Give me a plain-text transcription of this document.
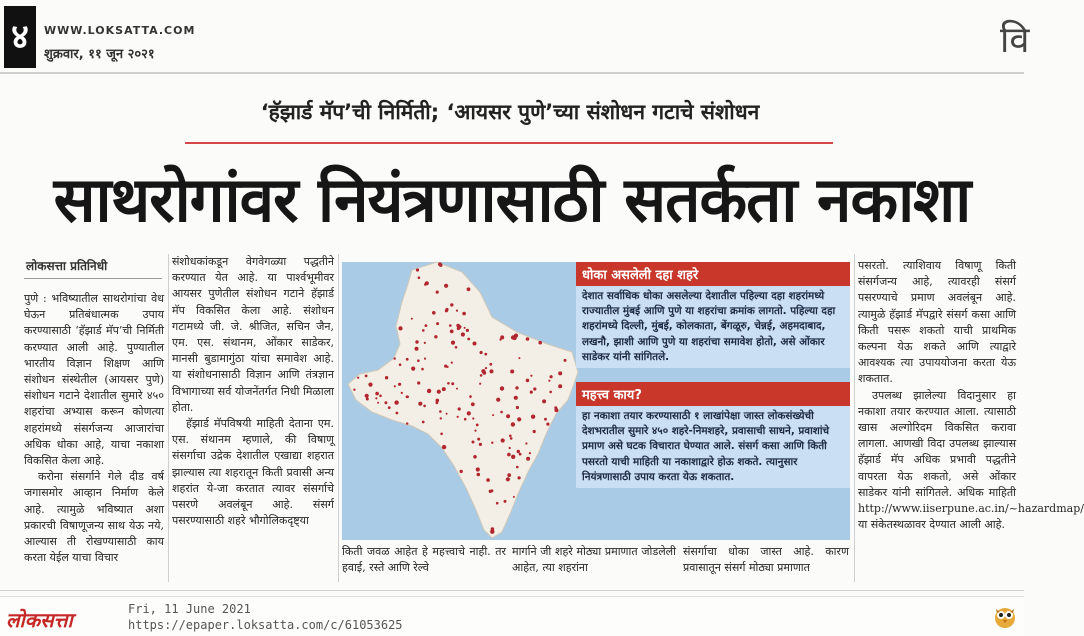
४	WWW.LOKSATTA.COM
शुक्रवार, ११ जून २०२१	वि
‘हॅझार्ड मॅप’ची निर्मिती; ‘आयसर पुणे’च्या संशोधन गटाचे संशोधन
साथरोगांवर नियंत्रणासाठी सतर्कता नकाशा
लोकसत्ता प्रतिनिधी

पुणे : भविष्यातील साथरोगांचा वेध घेऊन प्रतिबंधात्मक उपाय करण्यासाठी ‘हॅझार्ड मॅप’ची निर्मिती करण्यात आली आहे. पुण्यातील भारतीय विज्ञान शिक्षण आणि संशोधन संस्थेतील (आयसर पुणे) संशोधन गटाने देशातील सुमारे ४५० शहरांचा अभ्यास करून कोणत्या शहरांमध्ये संसर्गजन्य आजारांचा अधिक धोका आहे, याचा नकाशा विकसित केला आहे.

करोना संसर्गाने गेले दीड वर्ष जगासमोर आव्हान निर्माण केले आहे. त्यामुळे भविष्यात अशा प्रकारची विषाणूजन्य साथ येऊ नये, आल्यास ती रोखण्यासाठी काय करता येईल याचा विचार

संशोधकांकडून वेगवेगळ्या पद्धतीने करण्यात येत आहे. या पार्श्वभूमीवर आयसर पुणेतील संशोधन गटाने हॅझार्ड मॅप विकसित केला आहे. संशोधन गटामध्ये जी. जे. श्रीजित, सचिन जैन, एम. एस. संथानम, ओंकार साडेकर, मानसी बुडामागुंठा यांचा समावेश आहे. या संशोधनासाठी विज्ञान आणि तंत्रज्ञान विभागाच्या सर्व योजनेंतर्गत निधी मिळाला होता.

हॅझार्ड मॅपविषयी माहिती देताना एम. एस. संथानम म्हणाले, की विषाणू संसर्गाचा उद्रेक देशातील एखाद्या शहरात झाल्यास त्या शहरातून किती प्रवासी अन्य शहरांत ये-जा करतात त्यावर संसर्गाचे पसरणे अवलंबून आहे. संसर्ग पसरण्यासाठी शहरे भौगोलिकदृष्ट्या

धोका असलेली दहा शहरे
देशात सर्वाधिक धोका असलेल्या देशातील पहिल्या दहा शहरांमध्ये राज्यातील मुंबई आणि पुणे या शहरांचा क्रमांक लागतो. पहिल्या दहा शहरांमध्ये दिल्ली, मुंबई, कोलकाता, बेंगळूरु, चेन्नई, अहमदाबाद, लखनौ, झाशी आणि पुणे या शहरांचा समावेश होतो, असे ओंकार साडेकर यांनी सांगितले.
महत्त्व काय?
हा नकाशा तयार करण्यासाठी १ लाखांपेक्षा जास्त लोकसंख्येची देशभरातील सुमारे ४५० शहरे-निमशहरे, प्रवासाची साधने, प्रवाशांचे प्रमाण असे घटक विचारात घेण्यात आले. संसर्ग कसा आणि किती पसरतो याची माहिती या नकाशाद्वारे होऊ शकते. त्यानुसार नियंत्रणासाठी उपाय करता येऊ शकतात.

किती जवळ आहेत हे महत्त्वाचे नाही. तर हवाई, रस्ते आणि रेल्वे

मार्गाने जी शहरे मोठ्या प्रमाणात जोडलेली आहेत, त्या शहरांना

संसर्गाचा धोका जास्त आहे. कारण प्रवासातून संसर्ग मोठ्या प्रमाणात

पसरतो. त्याशिवाय विषाणू किती संसर्गजन्य आहे, त्यावरही संसर्ग पसरण्याचे प्रमाण अवलंबून आहे. त्यामुळे हॅझार्ड मॅपद्वारे संसर्ग कसा आणि किती पसरू शकतो याची प्राथमिक कल्पना येऊ शकते आणि त्याद्वारे आवश्यक त्या उपाययोजना करता येऊ शकतात.

उपलब्ध झालेल्या विदानुसार हा नकाशा तयार करण्यात आला. त्यासाठी खास अल्गोरिदम विकसित करावा लागला. आणखी विदा उपलब्ध झाल्यास हॅझार्ड मॅप अधिक प्रभावी पद्धतीने वापरता येऊ शकतो, असे ओंकार साडेकर यांनी सांगितले. अधिक माहिती http://www.iiserpune.ac.in/~hazardmap/ या संकेतस्थळावर देण्यात आली आहे.

लोकसत्ता	Fri, 11 June 2021
https://epaper.loksatta.com/c/61053625
